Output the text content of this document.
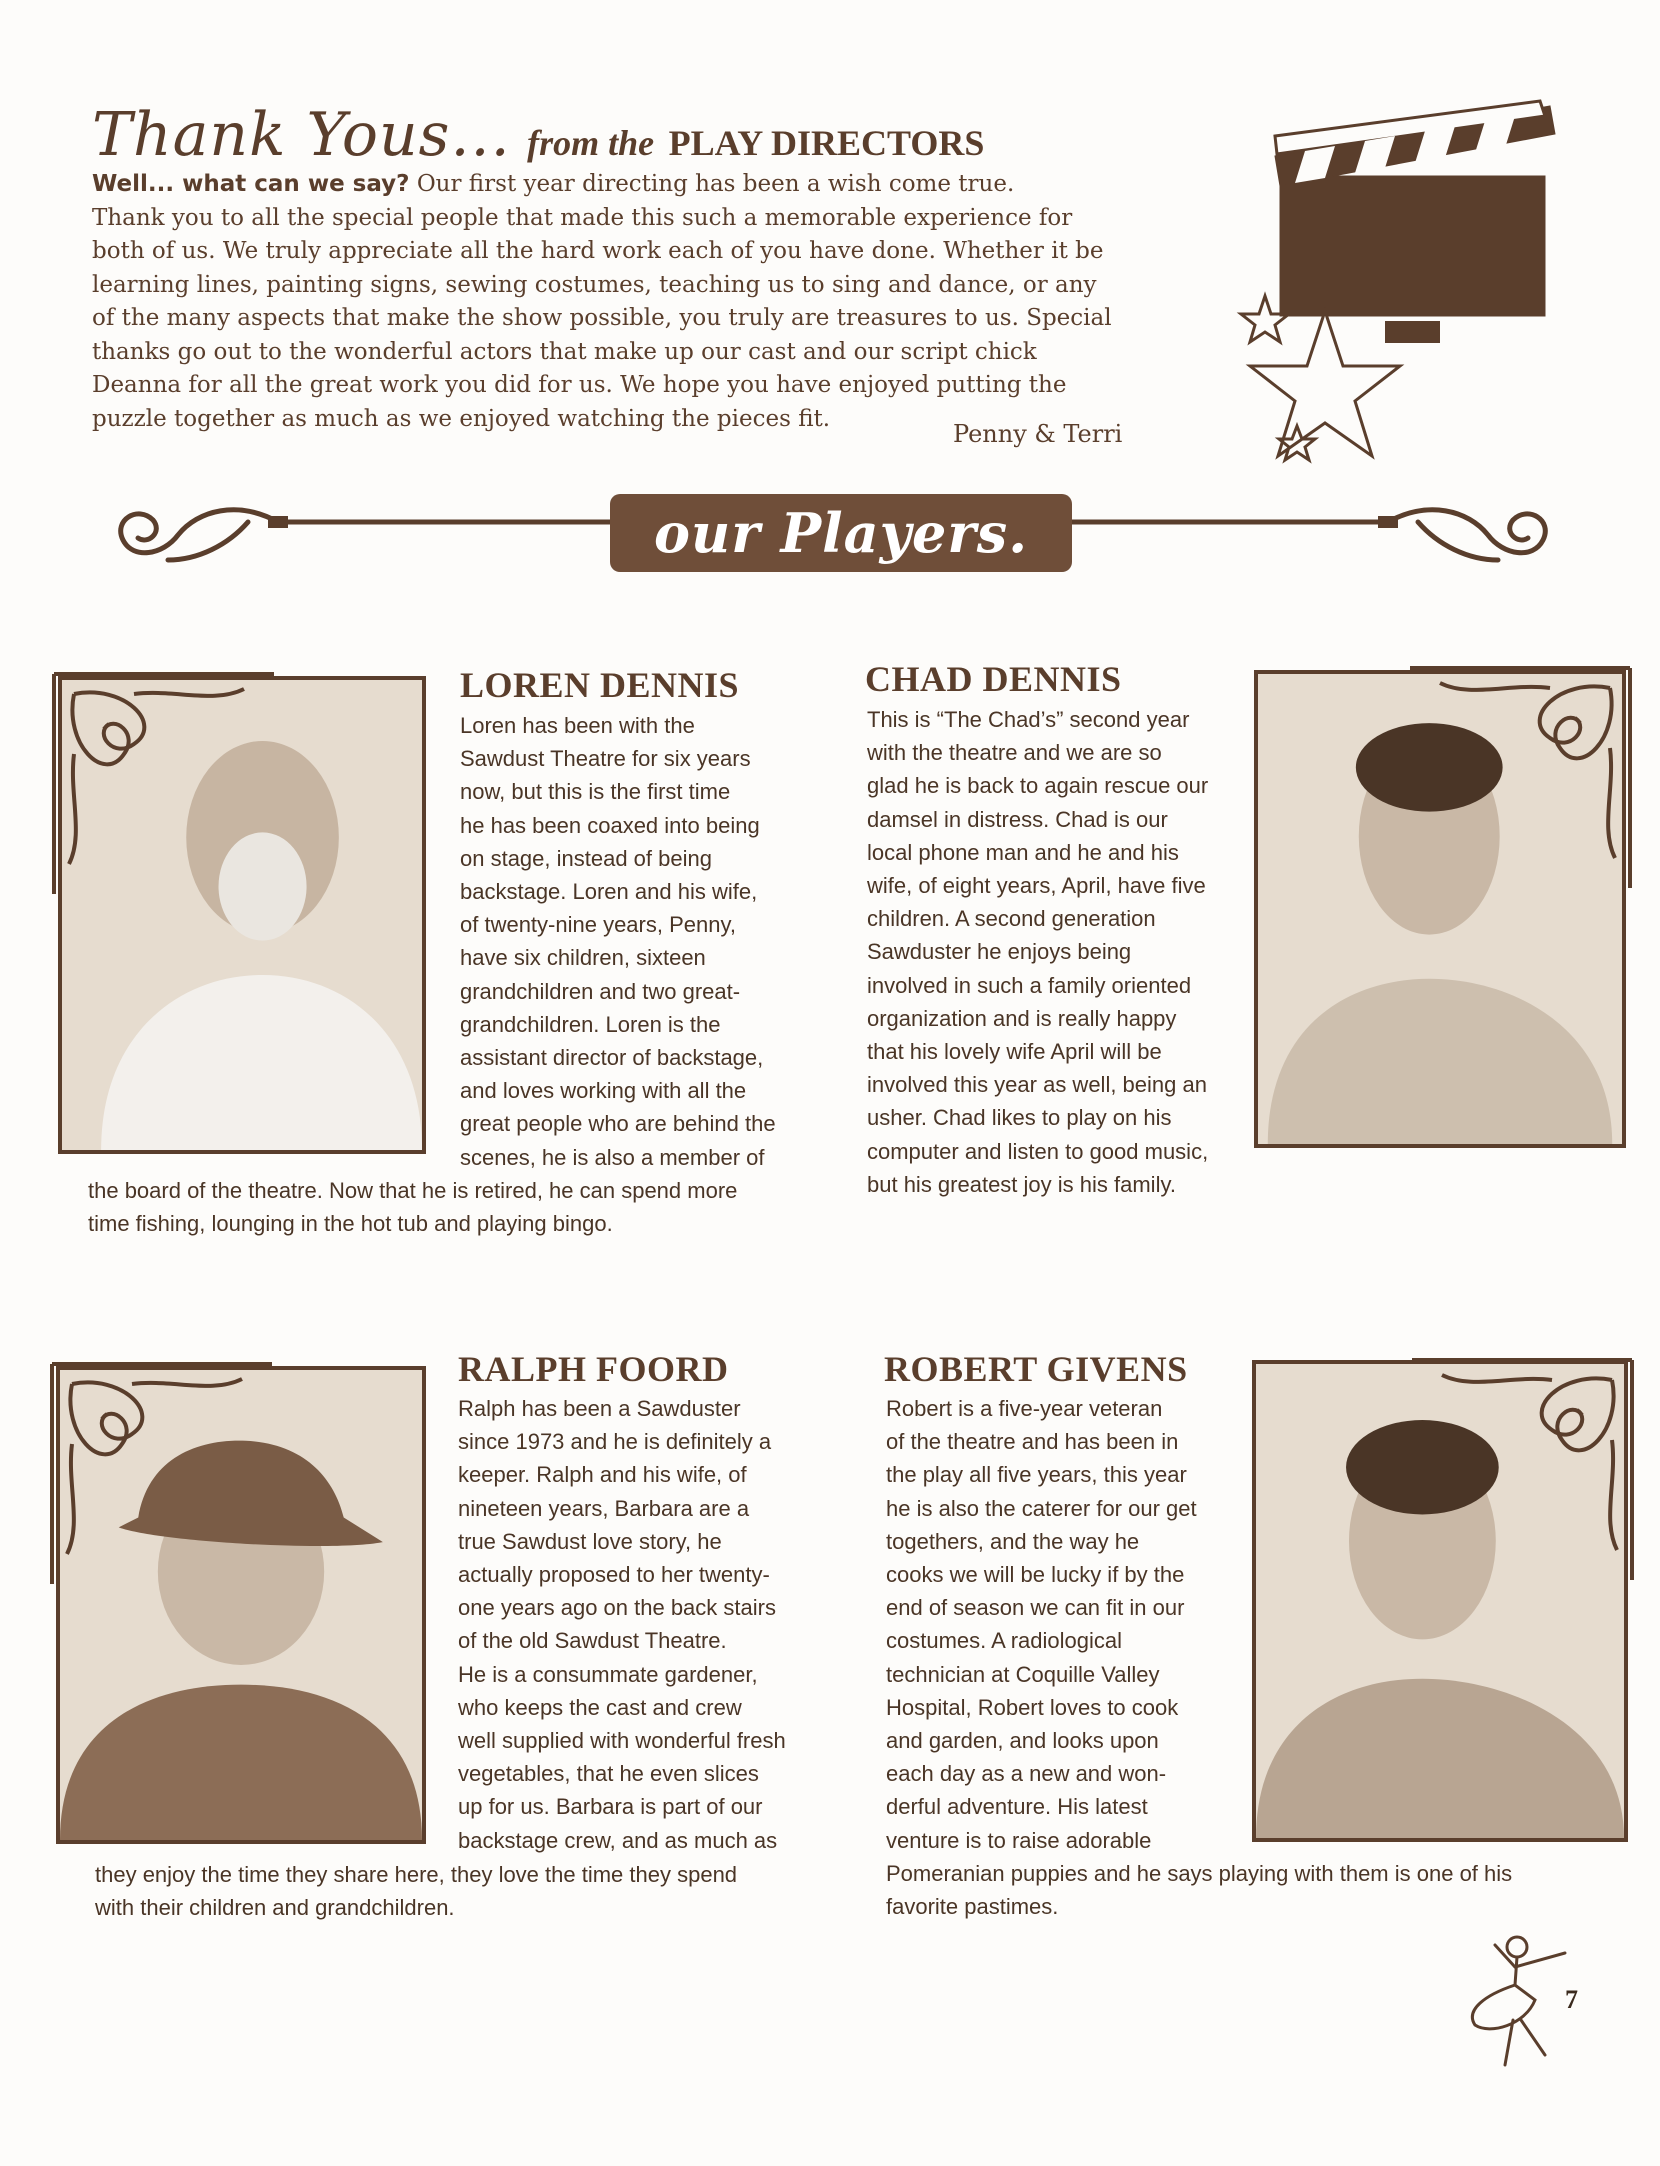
Thank Yous... from the PLAY DIRECTORS
Well... what can we say? Our first year directing has been a wish come true.
Thank you to all the special people that made this such a memorable experience for
both of us. We truly appreciate all the hard work each of you have done. Whether it be
learning lines, painting signs, sewing costumes, teaching us to sing and dance, or any
of the many aspects that make the show possible, you truly are treasures to us. Special
thanks go out to the wonderful actors that make up our cast and our script chick
Deanna for all the great work you did for us. We hope you have enjoyed putting the
puzzle together as much as we enjoyed watching the pieces fit.
Penny & Terri
our Players.
LOREN DENNIS
Loren has been with the
Sawdust Theatre for six years
now, but this is the first time
he has been coaxed into being
on stage, instead of being
backstage. Loren and his wife,
of twenty-nine years, Penny,
have six children, sixteen
grandchildren and two great-
grandchildren. Loren is the
assistant director of backstage,
and loves working with all the
great people who are behind the
scenes, he is also a member of
the board of the theatre. Now that he is retired, he can spend more
time fishing, lounging in the hot tub and playing bingo.
CHAD DENNIS
This is “The Chad’s” second year
with the theatre and we are so
glad he is back to again rescue our
damsel in distress. Chad is our
local phone man and he and his
wife, of eight years, April, have five
children. A second generation
Sawduster he enjoys being
involved in such a family oriented
organization and is really happy
that his lovely wife April will be
involved this year as well, being an
usher. Chad likes to play on his
computer and listen to good music,
but his greatest joy is his family.
RALPH FOORD
Ralph has been a Sawduster
since 1973 and he is definitely a
keeper. Ralph and his wife, of
nineteen years, Barbara are a
true Sawdust love story, he
actually proposed to her twenty-
one years ago on the back stairs
of the old Sawdust Theatre.
He is a consummate gardener,
who keeps the cast and crew
well supplied with wonderful fresh
vegetables, that he even slices
up for us. Barbara is part of our
backstage crew, and as much as
they enjoy the time they share here, they love the time they spend
with their children and grandchildren.
ROBERT GIVENS
Robert is a five-year veteran
of the theatre and has been in
the play all five years, this year
he is also the caterer for our get
togethers, and the way he
cooks we will be lucky if by the
end of season we can fit in our
costumes. A radiological
technician at Coquille Valley
Hospital, Robert loves to cook
and garden, and looks upon
each day as a new and won-
derful adventure. His latest
venture is to raise adorable
Pomeranian puppies and he says playing with them is one of his
favorite pastimes.
7
